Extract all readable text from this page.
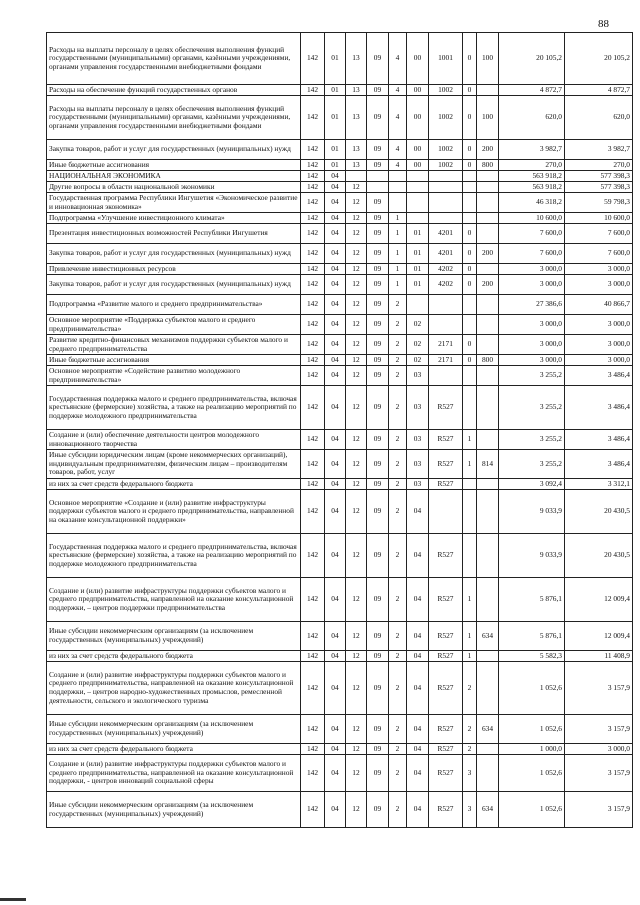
88
Расходы на выплаты персоналу в целях обеспечения выполнения функций государственными (муниципальными) органами, казёнными учреждениями, органами управления государственными внебюджетными фондами	142	01	13	09	4	00	1001	0	100	20 105,2	20 105,2
Расходы на обеспечение функций государственных органов	142	01	13	09	4	00	1002	0		4 872,7	4 872,7
Расходы на выплаты персоналу в целях обеспечения выполнения функций государственными (муниципальными) органами, казёнными учреждениями, органами управления государственными внебюджетными фондами	142	01	13	09	4	00	1002	0	100	620,0	620,0
Закупка товаров, работ и услуг для государственных (муниципальных) нужд	142	01	13	09	4	00	1002	0	200	3 982,7	3 982,7
Иные бюджетные ассигнования	142	01	13	09	4	00	1002	0	800	270,0	270,0
НАЦИОНАЛЬНАЯ ЭКОНОМИКА	142	04								563 918,2	577 398,3
Другие вопросы в области национальной экономики	142	04	12							563 918,2	577 398,3
Государственная программа Республики Ингушетия «Экономическое развитие и инновационная экономика»	142	04	12	09						46 318,2	59 798,3
Подпрограмма «Улучшение инвестиционного климата»	142	04	12	09	1					10 600,0	10 600,0
Презентация инвестиционных возможностей Республики Ингушетия	142	04	12	09	1	01	4201	0		7 600,0	7 600,0
Закупка товаров, работ и услуг для государственных (муниципальных) нужд	142	04	12	09	1	01	4201	0	200	7 600,0	7 600,0
Привлечение инвестиционных ресурсов	142	04	12	09	1	01	4202	0		3 000,0	3 000,0
Закупка товаров, работ и услуг для государственных (муниципальных) нужд	142	04	12	09	1	01	4202	0	200	3 000,0	3 000,0
Подпрограмма «Развитие малого и среднего предпринимательства»	142	04	12	09	2					27 386,6	40 866,7
Основное мероприятие «Поддержка субъектов малого и среднего предпринимательства»	142	04	12	09	2	02				3 000,0	3 000,0
Развитие кредитно-финансовых механизмов поддержки субъектов малого и среднего предпринимательства	142	04	12	09	2	02	2171	0		3 000,0	3 000,0
Иные бюджетные ассигнования	142	04	12	09	2	02	2171	0	800	3 000,0	3 000,0
Основное мероприятие «Содействие развитию молодежного предпринимательства»	142	04	12	09	2	03				3 255,2	3 486,4
Государственная поддержка малого и среднего предпринимательства, включая крестьянские (фермерские) хозяйства, а также на реализацию мероприятий по поддержке молодежного предпринимательства	142	04	12	09	2	03	R527			3 255,2	3 486,4
Создание и (или) обеспечение деятельности центров молодежного инновационного творчества	142	04	12	09	2	03	R527	1		3 255,2	3 486,4
Иные субсидии юридическим лицам (кроме некоммерческих организаций), индивидуальным предпринимателям, физическим лицам – производителям товаров, работ, услуг	142	04	12	09	2	03	R527	1	814	3 255,2	3 486,4
из них за счет средств федерального бюджета	142	04	12	09	2	03	R527			3 092,4	3 312,1
Основное мероприятие «Создание и (или) развитие инфраструктуры поддержки субъектов малого и среднего предпринимательства, направленной на оказание консультационной поддержки»	142	04	12	09	2	04				9 033,9	20 430,5
Государственная поддержка малого и среднего предпринимательства, включая крестьянские (фермерские) хозяйства, а также на реализацию мероприятий по поддержке молодежного предпринимательства	142	04	12	09	2	04	R527			9 033,9	20 430,5
Создание и (или) развитие инфраструктуры поддержки субъектов малого и среднего предпринимательства, направленной на оказание консультационной поддержки, – центров поддержки предпринимательства	142	04	12	09	2	04	R527	1		5 876,1	12 009,4
Иные субсидии некоммерческим организациям (за исключением государственных (муниципальных) учреждений)	142	04	12	09	2	04	R527	1	634	5 876,1	12 009,4
из них за счет средств федерального бюджета	142	04	12	09	2	04	R527	1		5 582,3	11 408,9
Создание и (или) развитие инфраструктуры поддержки субъектов малого и среднего предпринимательства, направленной на оказание консультационной поддержки, – центров народно-художественных промыслов, ремесленной деятельности, сельского и экологического туризма	142	04	12	09	2	04	R527	2		1 052,6	3 157,9
Иные субсидии некоммерческим организациям (за исключением государственных (муниципальных) учреждений)	142	04	12	09	2	04	R527	2	634	1 052,6	3 157,9
из них за счет средств федерального бюджета	142	04	12	09	2	04	R527	2		1 000,0	3 000,0
Создание и (или) развитие инфраструктуры поддержки субъектов малого и среднего предпринимательства, направленной на оказание консультационной поддержки, - центров инноваций социальной сферы	142	04	12	09	2	04	R527	3		1 052,6	3 157,9
Иные субсидии некоммерческим организациям (за исключением государственных (муниципальных) учреждений)	142	04	12	09	2	04	R527	3	634	1 052,6	3 157,9
